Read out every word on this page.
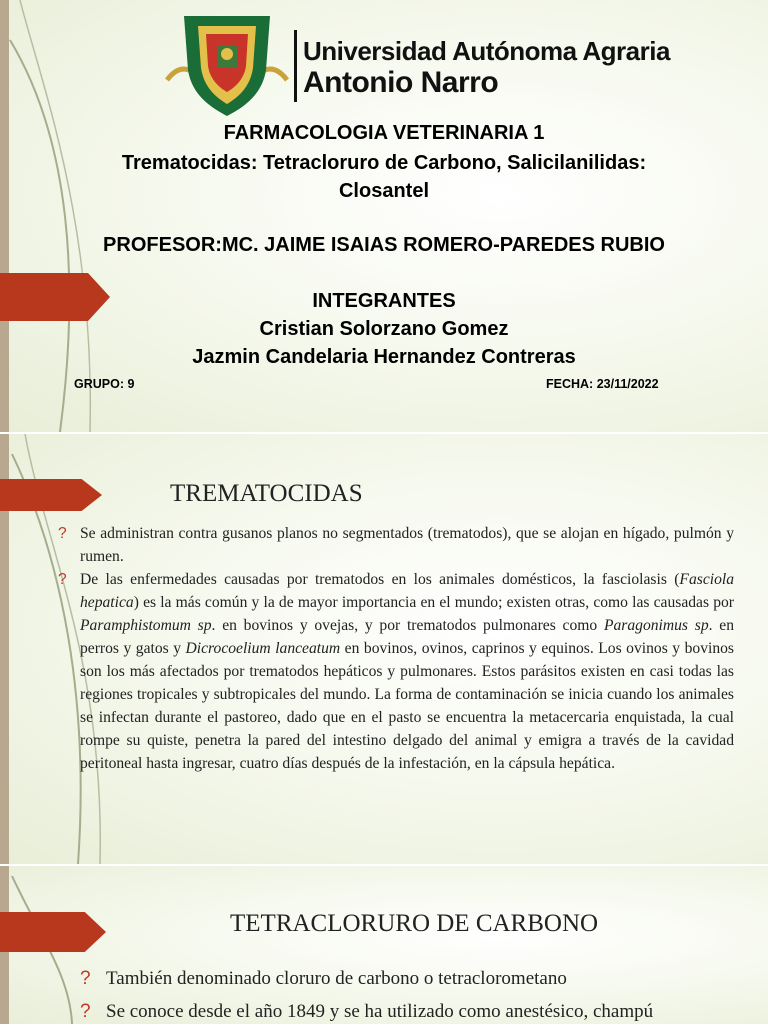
Universidad Autónoma Agraria
Antonio Narro
FARMACOLOGIA VETERINARIA 1
Trematocidas: Tetracloruro de Carbono, Salicilanilidas:
Closantel
PROFESOR:MC. JAIME ISAIAS ROMERO-PAREDES RUBIO
INTEGRANTES
Cristian Solorzano Gomez
Jazmin Candelaria Hernandez Contreras
GRUPO: 9	FECHA: 23/11/2022
TREMATOCIDAS
? Se administran contra gusanos planos no segmentados (trematodos), que se alojan en hígado, pulmón y rumen.
? De las enfermedades causadas por trematodos en los animales domésticos, la fasciolasis (Fasciola hepatica) es la más común y la de mayor importancia en el mundo; existen otras, como las causadas por Paramphistomum sp. en bovinos y ovejas, y por trematodos pulmonares como Paragonimus sp. en perros y gatos y Dicrocoelium lanceatum en bovinos, ovinos, caprinos y equinos. Los ovinos y bovinos son los más afectados por trematodos hepáticos y pulmonares. Estos parásitos existen en casi todas las regiones tropicales y subtropicales del mundo. La forma de contaminación se inicia cuando los animales se infectan durante el pastoreo, dado que en el pasto se encuentra la metacercaria enquistada, la cual rompe su quiste, penetra la pared del intestino delgado del animal y emigra a través de la cavidad peritoneal hasta ingresar, cuatro días después de la infestación, en la cápsula hepática.
TETRACLORURO DE CARBONO
? También denominado cloruro de carbono o tetraclorometano
? Se conoce desde el año 1849 y se ha utilizado como anestésico, champú
